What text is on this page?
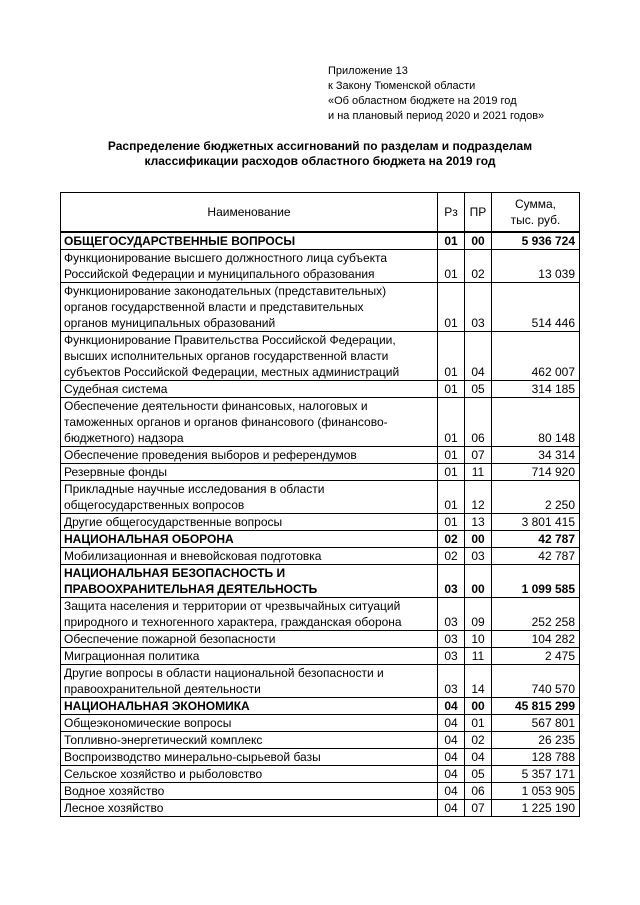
Приложение 13
к Закону Тюменской области
«Об областном бюджете на 2019 год
и на плановый период 2020 и 2021 годов»
Распределение бюджетных ассигнований по разделам и подразделам
классификации расходов областного бюджета на 2019 год
Наименование	Рз	ПР	Сумма,
тыс. руб.

ОБЩЕГОСУДАРСТВЕННЫЕ ВОПРОСЫ	01	00	5 936 724

Функционирование высшего должностного лица субъекта
Российской Федерации и муниципального образования	01	02	13 039

Функционирование законодательных (представительных)
органов государственной власти и представительных
органов муниципальных образований	01	03	514 446

Функционирование Правительства Российской Федерации,
высших исполнительных органов государственной власти
субъектов Российской Федерации, местных администраций	01	04	462 007

Судебная система	01	05	314 185

Обеспечение деятельности финансовых, налоговых и
таможенных органов и органов финансового (финансово-
бюджетного) надзора	01	06	80 148

Обеспечение проведения выборов и референдумов	01	07	34 314

Резервные фонды	01	11	714 920

Прикладные научные исследования в области
общегосударственных вопросов	01	12	2 250

Другие общегосударственные вопросы	01	13	3 801 415

НАЦИОНАЛЬНАЯ ОБОРОНА	02	00	42 787

Мобилизационная и вневойсковая подготовка	02	03	42 787

НАЦИОНАЛЬНАЯ БЕЗОПАСНОСТЬ И
ПРАВООХРАНИТЕЛЬНАЯ ДЕЯТЕЛЬНОСТЬ	03	00	1 099 585

Защита населения и территории от чрезвычайных ситуаций
природного и техногенного характера, гражданская оборона	03	09	252 258

Обеспечение пожарной безопасности	03	10	104 282

Миграционная политика	03	11	2 475

Другие вопросы в области национальной безопасности и
правоохранительной деятельности	03	14	740 570

НАЦИОНАЛЬНАЯ ЭКОНОМИКА	04	00	45 815 299

Общеэкономические вопросы	04	01	567 801

Топливно-энергетический комплекс	04	02	26 235

Воспроизводство минерально-сырьевой базы	04	04	128 788

Сельское хозяйство и рыболовство	04	05	5 357 171

Водное хозяйство	04	06	1 053 905

Лесное хозяйство	04	07	1 225 190
